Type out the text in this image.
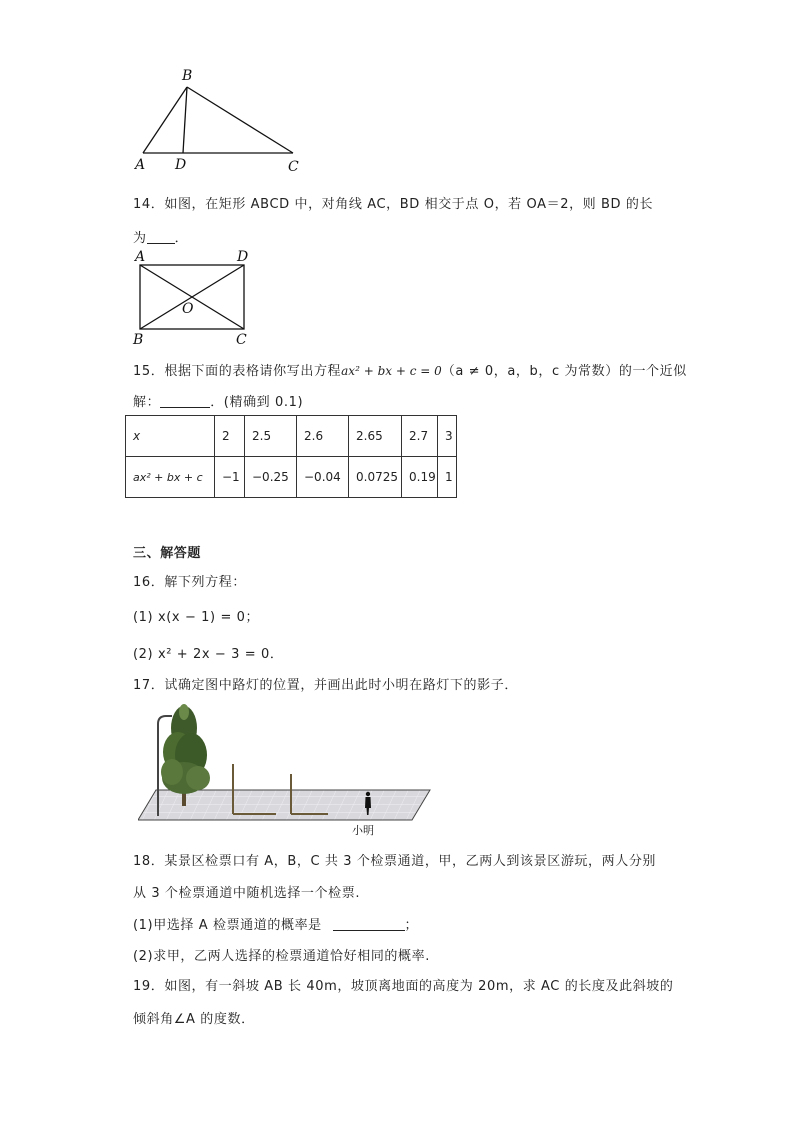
B
A D	C
14．如图，在矩形 ABCD 中，对角线 AC，BD 相交于点 O，若 OA＝2，则 BD 的长
为 ．
A	D
O
B	C
15．根据下面的表格请你写出方程ax² + bx + c = 0（a ≠ 0，a，b，c 为常数）的一个近似
解：	．(精确到 0.1)
x	2	2.5	2.6	2.65	2.7	3
ax² + bx + c	−1	−0.25	−0.04	0.0725	0.19	1
三、解答题
16．解下列方程：
(1) x(x − 1) = 0；
(2) x² + 2x − 3 = 0．
17．试确定图中路灯的位置，并画出此时小明在路灯下的影子．
小明
18．某景区检票口有 A，B，C 共 3 个检票通道，甲，乙两人到该景区游玩，两人分别
从 3 个检票通道中随机选择一个检票.
(1)甲选择 A 检票通道的概率是	；
(2)求甲，乙两人选择的检票通道恰好相同的概率.
19．如图，有一斜坡 AB 长 40m，坡顶离地面的高度为 20m，求 AC 的长度及此斜坡的
倾斜角∠A 的度数．
